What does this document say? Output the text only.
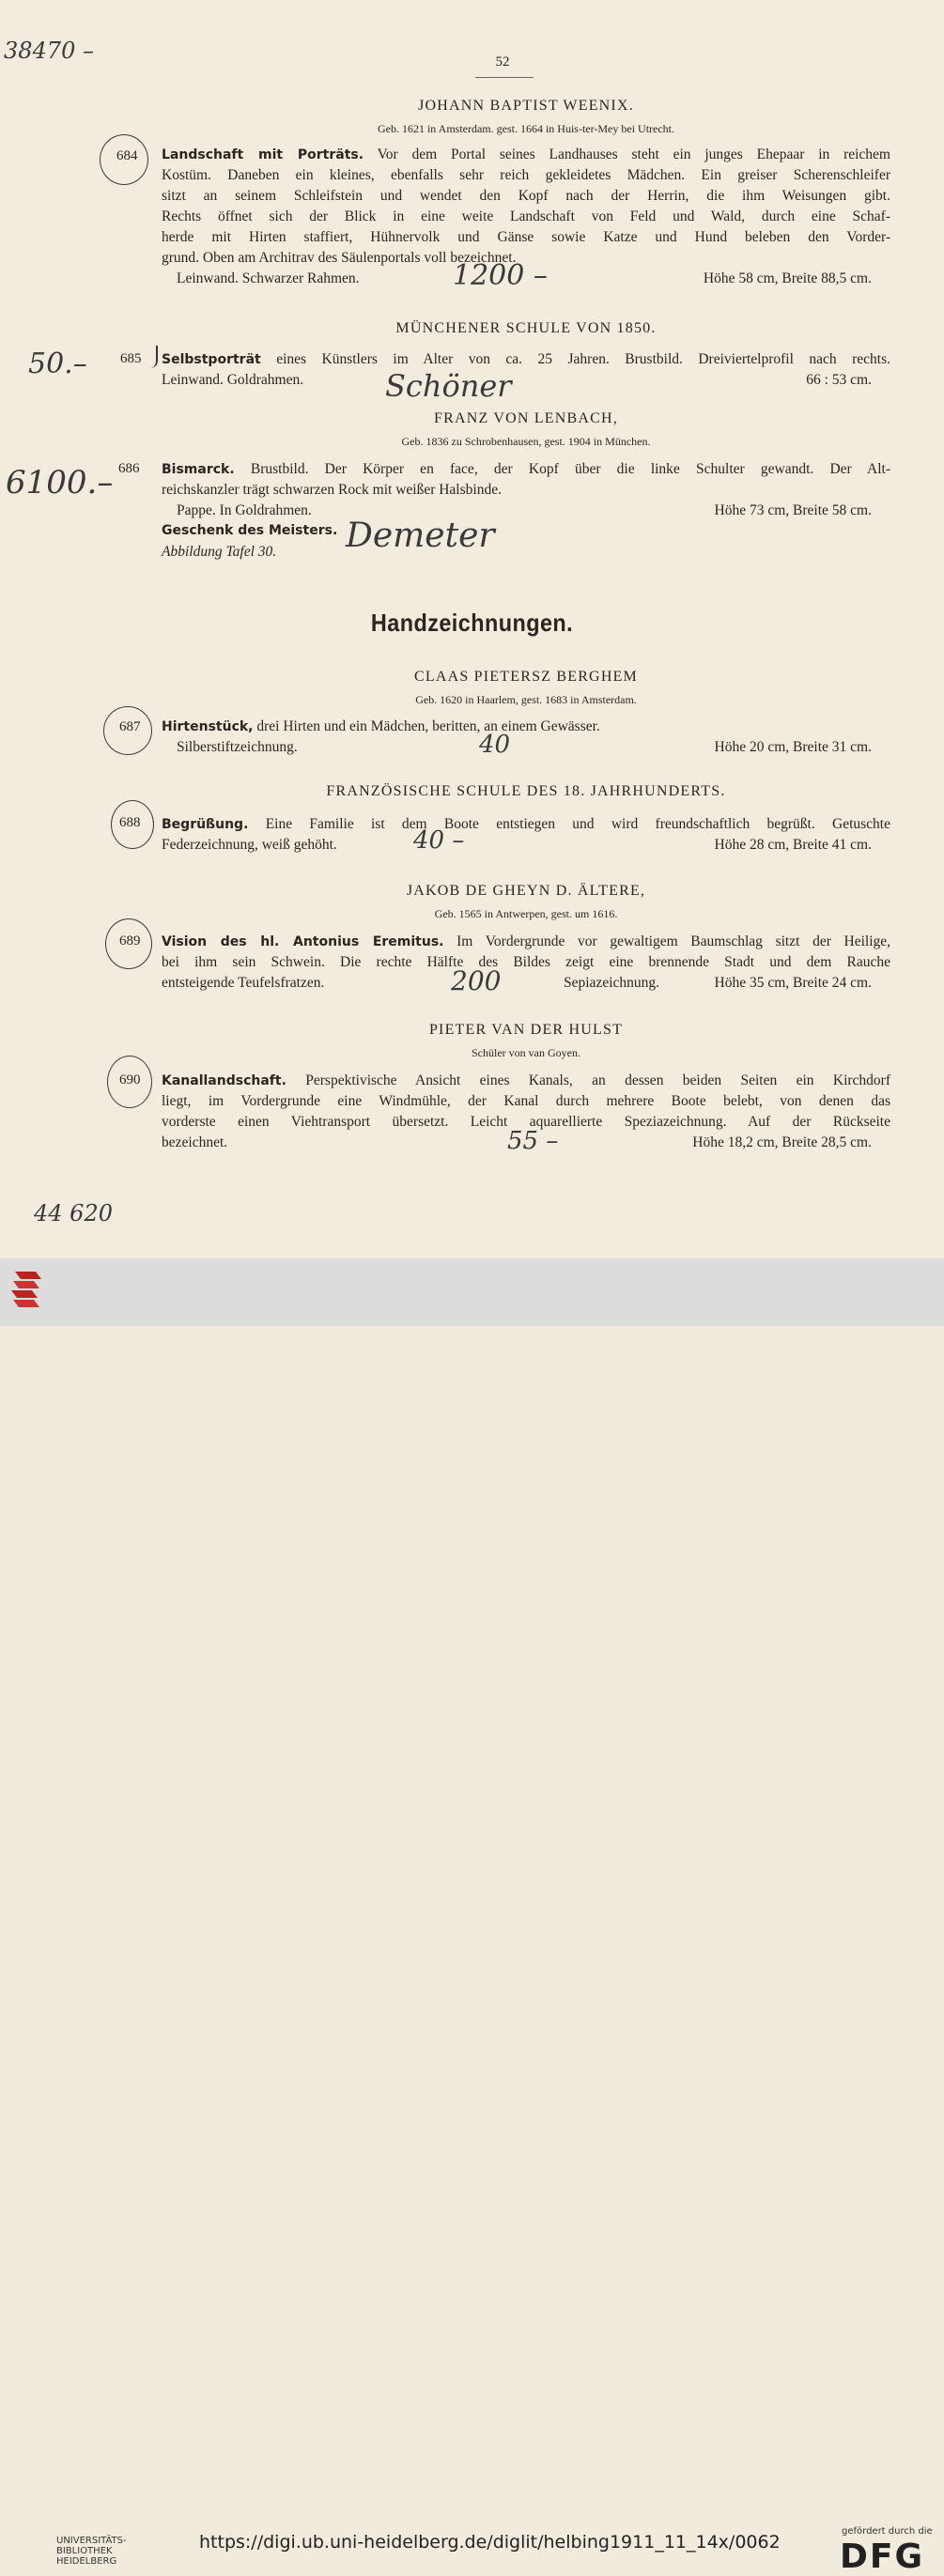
38470 –
50.–
6100.–
44 620
52
JOHANN BAPTIST WEENIX.
Geb. 1621 in Amsterdam. gest. 1664 in Huis-ter-Mey bei Utrecht.
684 Landschaft mit Porträts. Vor dem Portal seines Landhauses steht ein junges Ehepaar in reichem
Kostüm. Daneben ein kleines, ebenfalls sehr reich gekleidetes Mädchen. Ein greiser Scherenschleifer
sitzt an seinem Schleifstein und wendet den Kopf nach der Herrin, die ihm Weisungen gibt.
Rechts öffnet sich der Blick in eine weite Landschaft von Feld und Wald, durch eine Schaf-
herde mit Hirten staffiert, Hühnervolk und Gänse sowie Katze und Hund beleben den Vorder-
grund. Oben am Architrav des Säulenportals voll bezeichnet.
Leinwand. Schwarzer Rahmen.	Höhe 58 cm, Breite 88,5 cm.
1200 –
MÜNCHENER SCHULE VON 1850.
685 Selbstporträt eines Künstlers im Alter von ca. 25 Jahren. Brustbild. Dreiviertelprofil nach rechts.
Leinwand. Goldrahmen.	66 : 53 cm.
Schöner
FRANZ VON LENBACH,
Geb. 1836 zu Schrobenhausen, gest. 1904 in München.
686 Bismarck. Brustbild. Der Körper en face, der Kopf über die linke Schulter gewandt. Der Alt-
reichskanzler trägt schwarzen Rock mit weißer Halsbinde.
Pappe. In Goldrahmen.	Höhe 73 cm, Breite 58 cm.
Geschenk des Meisters.
Abbildung Tafel 30.	Demeter
Handzeichnungen.
CLAAS PIETERSZ BERGHEM
Geb. 1620 in Haarlem, gest. 1683 in Amsterdam.
687 Hirtenstück, drei Hirten und ein Mädchen, beritten, an einem Gewässer.
Silberstiftzeichnung.	Höhe 20 cm, Breite 31 cm.
40
FRANZÖSISCHE SCHULE DES 18. JAHRHUNDERTS.
688 Begrüßung. Eine Familie ist dem Boote entstiegen und wird freundschaftlich begrüßt. Getuschte
Federzeichnung, weiß gehöht.	Höhe 28 cm, Breite 41 cm.
40 –
JAKOB DE GHEYN D. ÄLTERE,
Geb. 1565 in Antwerpen, gest. um 1616.
689 Vision des hl. Antonius Eremitus. Im Vordergrunde vor gewaltigem Baumschlag sitzt der Heilige,
bei ihm sein Schwein. Die rechte Hälfte des Bildes zeigt eine brennende Stadt und dem Rauche
entsteigende Teufelsfratzen.	Sepiazeichnung.	Höhe 35 cm, Breite 24 cm.
200
PIETER VAN DER HULST
Schüler von van Goyen.
690 Kanallandschaft. Perspektivische Ansicht eines Kanals, an dessen beiden Seiten ein Kirchdorf
liegt, im Vordergrunde eine Windmühle, der Kanal durch mehrere Boote belebt, von denen das
vorderste einen Viehtransport übersetzt. Leicht aquarellierte Speziazeichnung. Auf der Rückseite
bezeichnet.	Höhe 18,2 cm, Breite 28,5 cm.
55 –
UNIVERSITÄTS-
BIBLIOTHEK
HEIDELBERG
https://digi.ub.uni-heidelberg.de/diglit/helbing1911_11_14x/0062
gefördert durch die
DFG
